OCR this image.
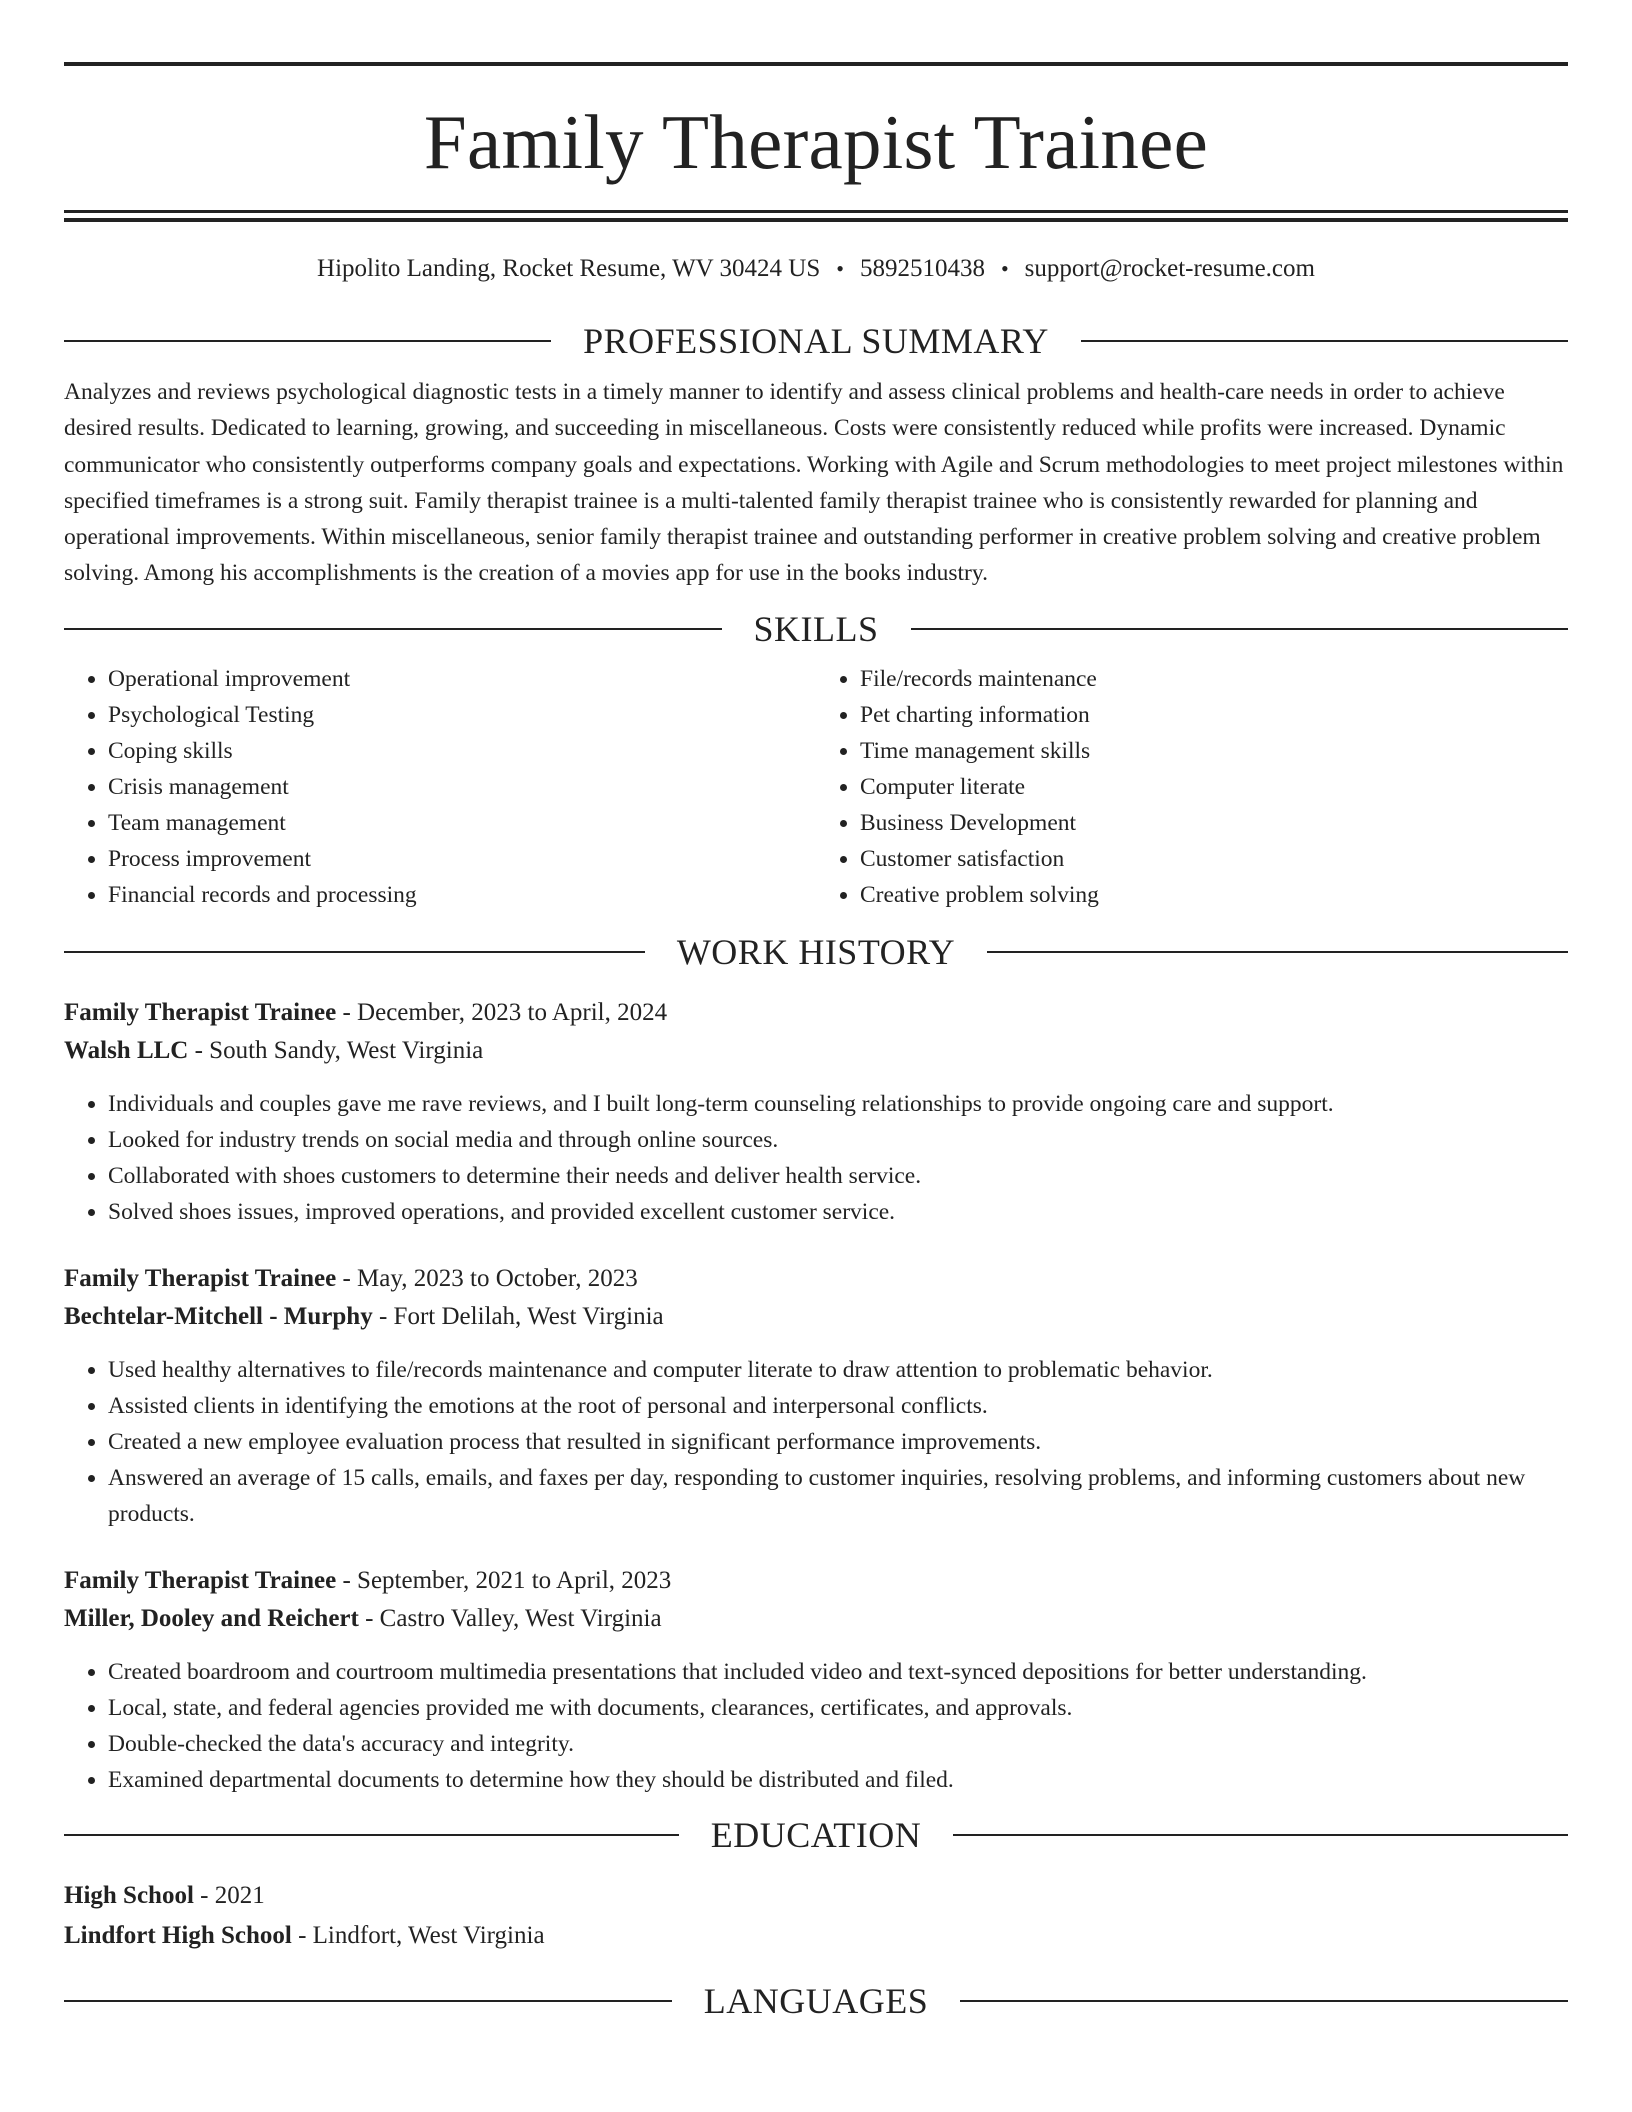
Family Therapist Trainee
Hipolito Landing, Rocket Resume, WV 30424 US • 5892510438 • support@rocket-resume.com
PROFESSIONAL SUMMARY

Analyzes and reviews psychological diagnostic tests in a timely manner to identify and assess clinical problems and health-care needs in order to achieve desired results. Dedicated to learning, growing, and succeeding in miscellaneous. Costs were consistently reduced while profits were increased. Dynamic communicator who consistently outperforms company goals and expectations. Working with Agile and Scrum methodologies to meet project milestones within specified timeframes is a strong suit. Family therapist trainee is a multi-talented family therapist trainee who is consistently rewarded for planning and operational improvements. Within miscellaneous, senior family therapist trainee and outstanding performer in creative problem solving and creative problem solving. Among his accomplishments is the creation of a movies app for use in the books industry.

SKILLS
• Operational improvement
• Psychological Testing
• Coping skills
• Crisis management
• Team management
• Process improvement
• Financial records and processing
• File/records maintenance
• Pet charting information
• Time management skills
• Computer literate
• Business Development
• Customer satisfaction
• Creative problem solving
WORK HISTORY
Family Therapist Trainee - December, 2023 to April, 2024
Walsh LLC - South Sandy, West Virginia
• Individuals and couples gave me rave reviews, and I built long-term counseling relationships to provide ongoing care and support.
• Looked for industry trends on social media and through online sources.
• Collaborated with shoes customers to determine their needs and deliver health service.
• Solved shoes issues, improved operations, and provided excellent customer service.
Family Therapist Trainee - May, 2023 to October, 2023
Bechtelar-Mitchell - Murphy - Fort Delilah, West Virginia
• Used healthy alternatives to file/records maintenance and computer literate to draw attention to problematic behavior.
• Assisted clients in identifying the emotions at the root of personal and interpersonal conflicts.
• Created a new employee evaluation process that resulted in significant performance improvements.
• Answered an average of 15 calls, emails, and faxes per day, responding to customer inquiries, resolving problems, and informing customers about new products.
Family Therapist Trainee - September, 2021 to April, 2023
Miller, Dooley and Reichert - Castro Valley, West Virginia
• Created boardroom and courtroom multimedia presentations that included video and text-synced depositions for better understanding.
• Local, state, and federal agencies provided me with documents, clearances, certificates, and approvals.
• Double-checked the data's accuracy and integrity.
• Examined departmental documents to determine how they should be distributed and filed.
EDUCATION
High School - 2021
Lindfort High School - Lindfort, West Virginia
LANGUAGES
